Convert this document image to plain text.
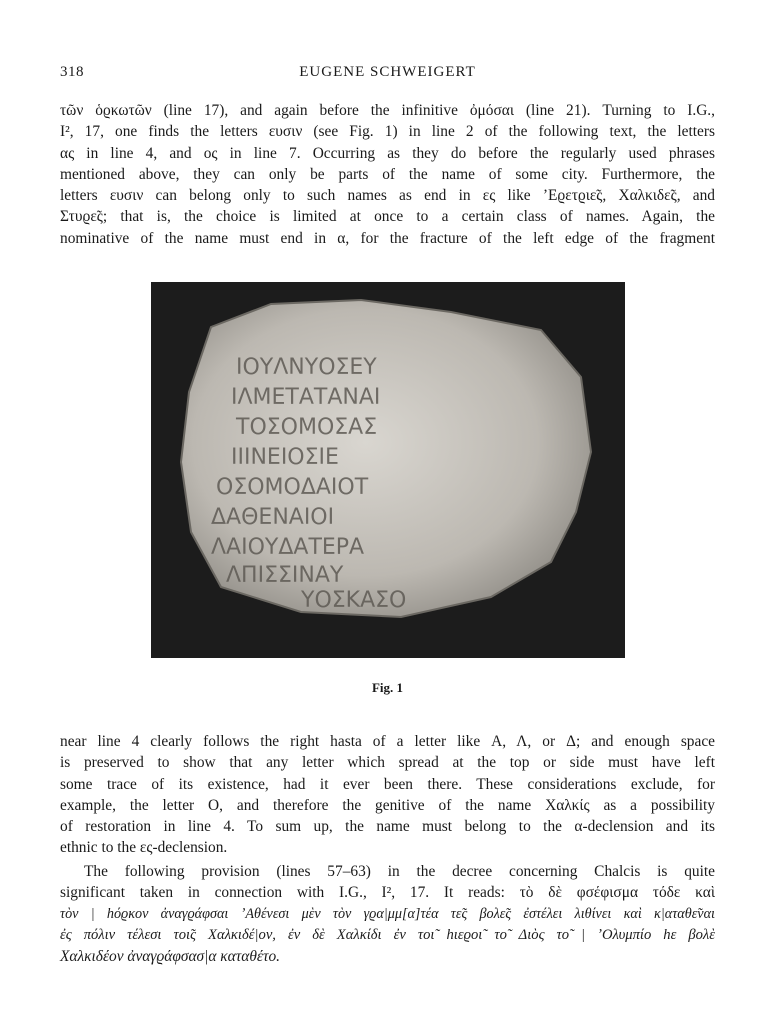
318	EUGENE SCHWEIGERT
τῶν ὁϱκωτῶν (line 17), and again before the infinitive ὀμόσαι (line 21). Turning to I.G.,
I², 17, one finds the letters ευσιν (see Fig. 1) in line 2 of the following text, the letters
ας in line 4, and ος in line 7. Occurring as they do before the regularly used phrases
mentioned above, they can only be parts of the name of some city. Furthermore, the
letters ευσιν can belong only to such names as end in ες like ʼΕϱετϱιε̃ς, Χαλκιδε̃ς, and
Στυϱε̃ς; that is, the choice is limited at once to a certain class of names. Again, the
nominative of the name must end in α, for the fracture of the left edge of the fragment
ΙΟΥΛΝΥΟΣΕΥ
ΙΛΜΕΤΑΤΑΝΑΙ
ΤΟΣΟΜΟΣΑΣ
ΙΙΙΝΕΙΟΣΙΕ
ΟΣΟΜΟΔΑΙΟΤ
ΔΑΘΕΝΑΙΟΙ
ΛΑΙΟΥΔΑΤΕΡΑ
ΛΠΙΣΣΙΝΑΥ
ΥΟΣΚΑΣΟ
Fig. 1
near line 4 clearly follows the right hasta of a letter like Α, Λ, or Δ; and enough space
is preserved to show that any letter which spread at the top or side must have left
some trace of its existence, had it ever been there. These considerations exclude, for
example, the letter Ο, and therefore the genitive of the name Χαλκίς as a possibility
of restoration in line 4. To sum up, the name must belong to the α-declension and its
ethnic to the ες-declension.
The following provision (lines 57–63) in the decree concerning Chalcis is quite
significant taken in connection with I.G., I², 17. It reads: τὸ δὲ φσέφισμα τόδε καὶ
τὸν | hόϱκον ἀναγϱάφσαι ʼΑθένεσι μὲν τὸν γϱα|μμ[α]τέα τε̃ς βολε̃ς ἐστέλει λιθίνει καὶ κ|αταθε̃ναι
ἐς πόλιν τέλεσι τοι̃ς Χαλκιδέ|ον, ἐν δὲ Χαλκίδι ἐν τοι̃ hιεϱοι̃ το̃ Διὸς το̃ | ʼΟλυμπίο hε βολὲ
Χαλκιδέον ἀναγϱάφσασ|α καταθέτο.
